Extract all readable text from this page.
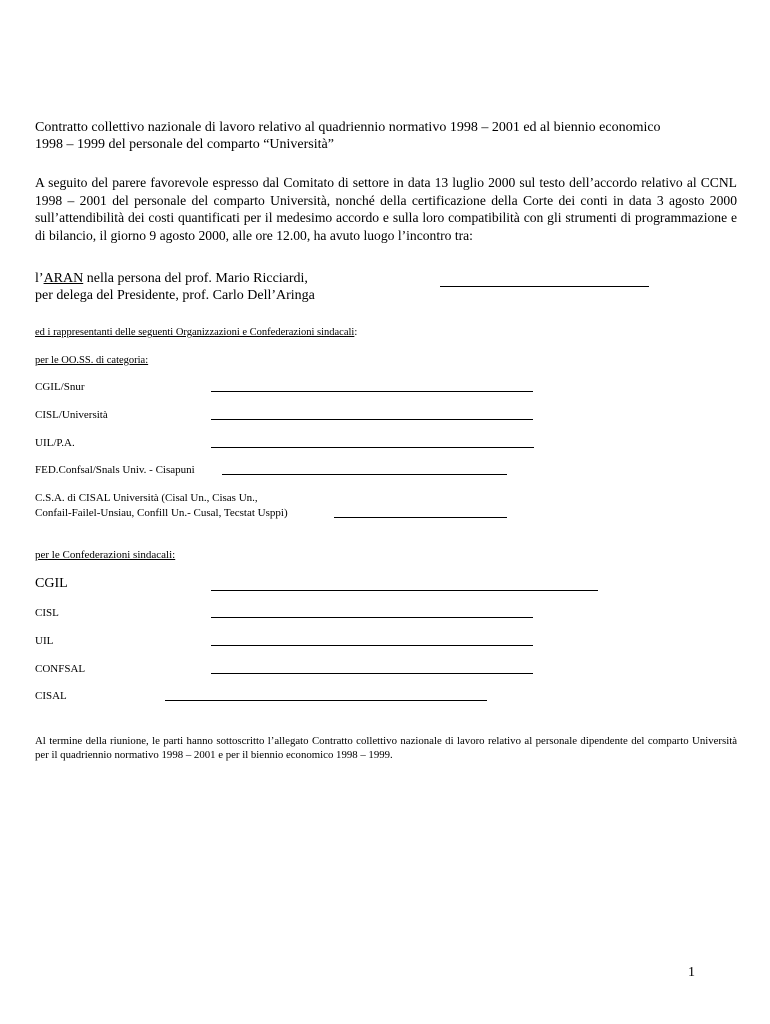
Contratto collettivo nazionale di lavoro relativo al quadriennio normativo 1998 – 2001 ed al biennio economico
1998 – 1999 del personale del comparto “Università”
A seguito del parere favorevole espresso dal Comitato di settore in data 13 luglio 2000 sul testo dell’accordo relativo al CCNL 1998 – 2001 del personale del comparto Università, nonché della certificazione della Corte dei conti in data 3 agosto 2000 sull’attendibilità dei costi quantificati per il medesimo accordo e sulla loro compatibilità con gli strumenti di programmazione e di bilancio, il giorno 9 agosto 2000, alle ore 12.00, ha avuto luogo l’incontro tra:
l’ARAN nella persona del prof. Mario Ricciardi,
per delega del Presidente, prof. Carlo Dell’Aringa
ed i rappresentanti delle seguenti Organizzazioni e Confederazioni sindacali:
per le OO.SS. di categoria:
CGIL/Snur
CISL/Università
UIL/P.A.
FED.Confsal/Snals Univ. - Cisapuni
C.S.A. di CISAL Università (Cisal Un., Cisas Un.,
Confail-Failel-Unsiau, Confill Un.- Cusal, Tecstat Usppi)
per le Confederazioni sindacali:
CGIL
CISL
UIL
CONFSAL
CISAL
Al termine della riunione, le parti hanno sottoscritto l’allegato Contratto collettivo nazionale di lavoro relativo al personale dipendente del comparto Università per il quadriennio normativo 1998 – 2001 e per il biennio economico 1998 – 1999.
1
